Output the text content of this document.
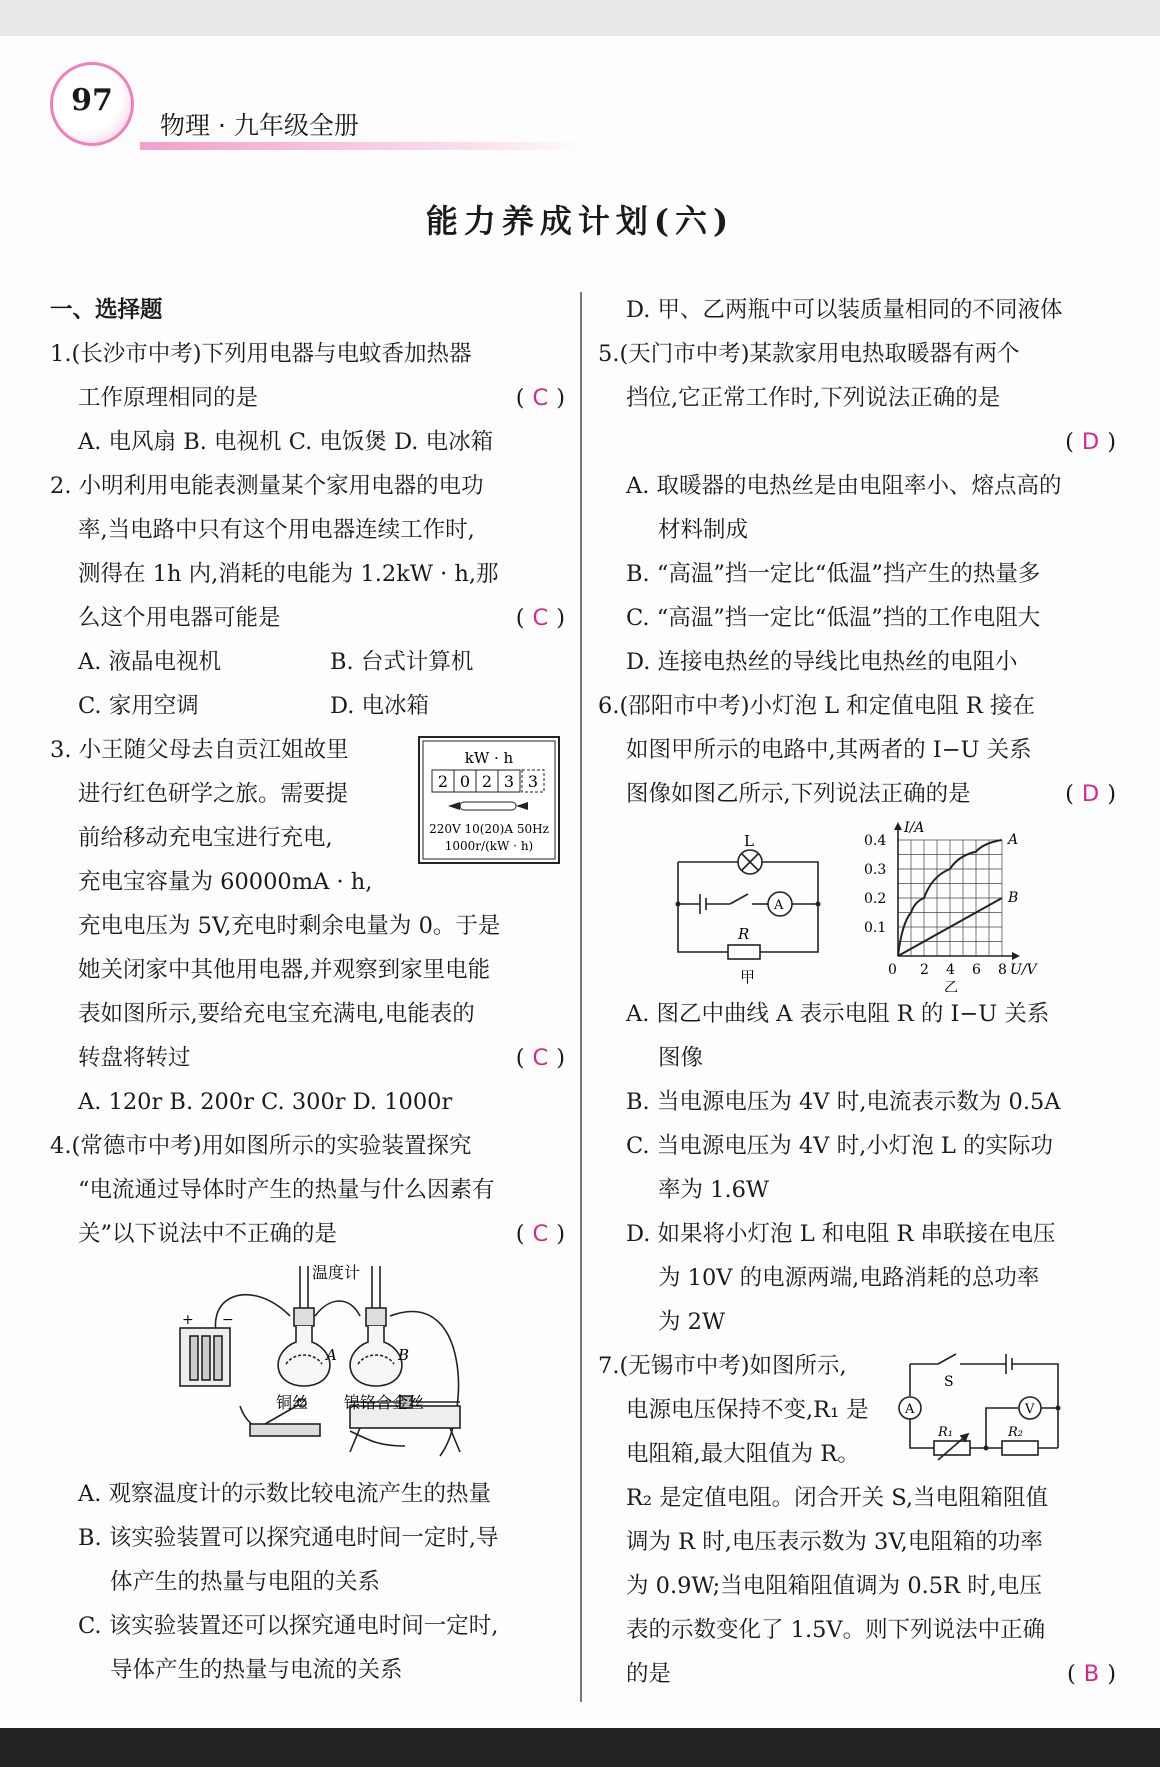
97
物理 · 九年级全册
能力养成计划(六)
一、选择题
1.(长沙市中考)下列用电器与电蚊香加热器
工作原理相同的是	( C )
A. 电风扇 B. 电视机 C. 电饭煲 D. 电冰箱
2. 小明利用电能表测量某个家用电器的电功
率,当电路中只有这个用电器连续工作时,
测得在 1h 内,消耗的电能为 1.2kW · h,那
么这个用电器可能是	( C )
A. 液晶电视机	B. 台式计算机
C. 家用空调	D. 电冰箱
3. 小王随父母去自贡江姐故里
进行红色研学之旅。需要提
前给移动充电宝进行充电,
充电宝容量为 60000mA · h,
kW · h
2 0 2 3 3
220V 10(20)A 50Hz
1000r/(kW · h)
充电电压为 5V,充电时剩余电量为 0。于是
她关闭家中其他用电器,并观察到家里电能
表如图所示,要给充电宝充满电,电能表的
转盘将转过	( C )
A. 120r B. 200r C. 300r D. 1000r
4.(常德市中考)用如图所示的实验装置探究
“电流通过导体时产生的热量与什么因素有
关”以下说法中不正确的是	( C )
温度计
A	B
铜丝 镍铬合金丝
+ −
A. 观察温度计的示数比较电流产生的热量
B. 该实验装置可以探究通电时间一定时,导
体产生的热量与电阻的关系
C. 该实验装置还可以探究通电时间一定时,
导体产生的热量与电流的关系
D. 甲、乙两瓶中可以装质量相同的不同液体
5.(天门市中考)某款家用电热取暖器有两个
挡位,它正常工作时,下列说法正确的是
( D )
A. 取暖器的电热丝是由电阻率小、熔点高的
材料制成
B. “高温”挡一定比“低温”挡产生的热量多
C. “高温”挡一定比“低温”挡的工作电阻大
D. 连接电热丝的导线比电热丝的电阻小
6.(邵阳市中考)小灯泡 L 和定值电阻 R 接在
如图甲所示的电路中,其两者的 I−U 关系
图像如图乙所示,下列说法正确的是	( D )
L
R
A
甲
A
B
0 2 4 6 8
0.1
0.2
0.3
0.4
U/V
I/A
乙
A. 图乙中曲线 A 表示电阻 R 的 I−U 关系
图像
B. 当电源电压为 4V 时,电流表示数为 0.5A
C. 当电源电压为 4V 时,小灯泡 L 的实际功
率为 1.6W
D. 如果将小灯泡 L 和电阻 R 串联接在电压
为 10V 的电源两端,电路消耗的总功率
为 2W
7.(无锡市中考)如图所示,
电源电压保持不变,R₁ 是
电阻箱,最大阻值为 R。
S
A	V
R₁	R₂
R₂ 是定值电阻。闭合开关 S,当电阻箱阻值
调为 R 时,电压表示数为 3V,电阻箱的功率
为 0.9W;当电阻箱阻值调为 0.5R 时,电压
表的示数变化了 1.5V。则下列说法中正确
的是	( B )
